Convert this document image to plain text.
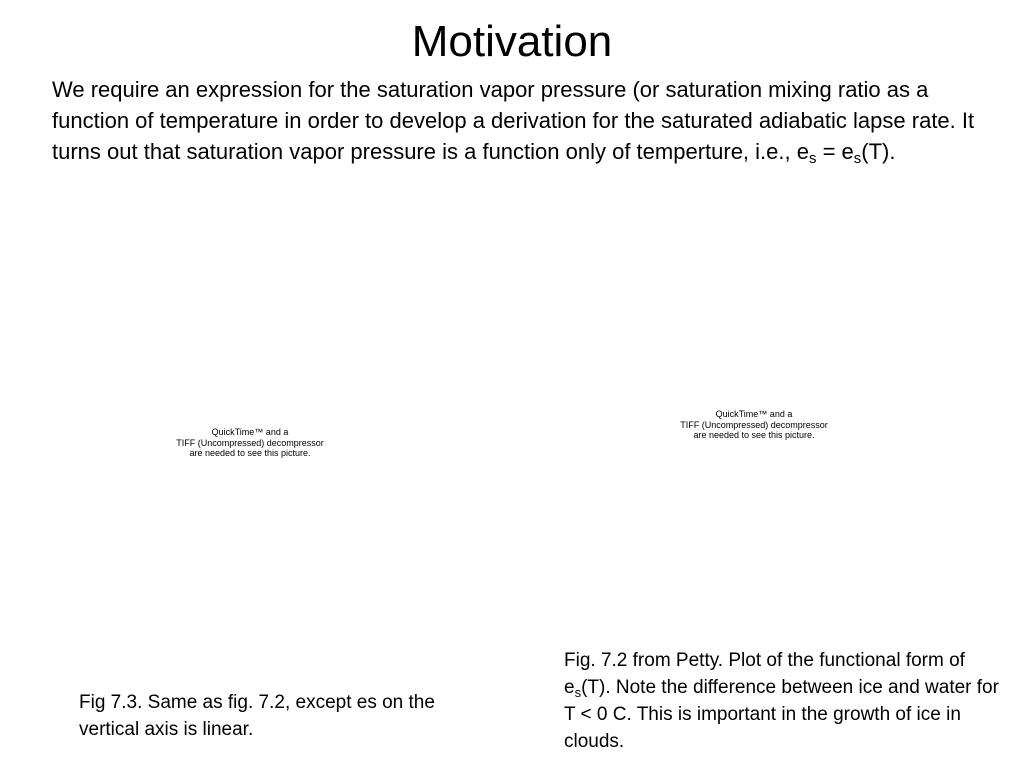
Motivation
We require an expression for the saturation vapor pressure (or saturation mixing ratio as a function of temperature in order to develop a derivation for the saturated adiabatic lapse rate. It turns out that saturation vapor pressure is a function only of temperture, i.e., $e_s = e_s(T)$.
QuickTime™ and a
TIFF (Uncompressed) decompressor
are needed to see this picture.
QuickTime™ and a
TIFF (Uncompressed) decompressor
are needed to see this picture.
Fig 7.3. Same as fig. 7.2, except es on the vertical axis is linear.
Fig. 7.2 from Petty. Plot of the functional form of $e_s(T)$. Note the difference between ice and water for T < 0 C. This is important in the growth of ice in clouds.
